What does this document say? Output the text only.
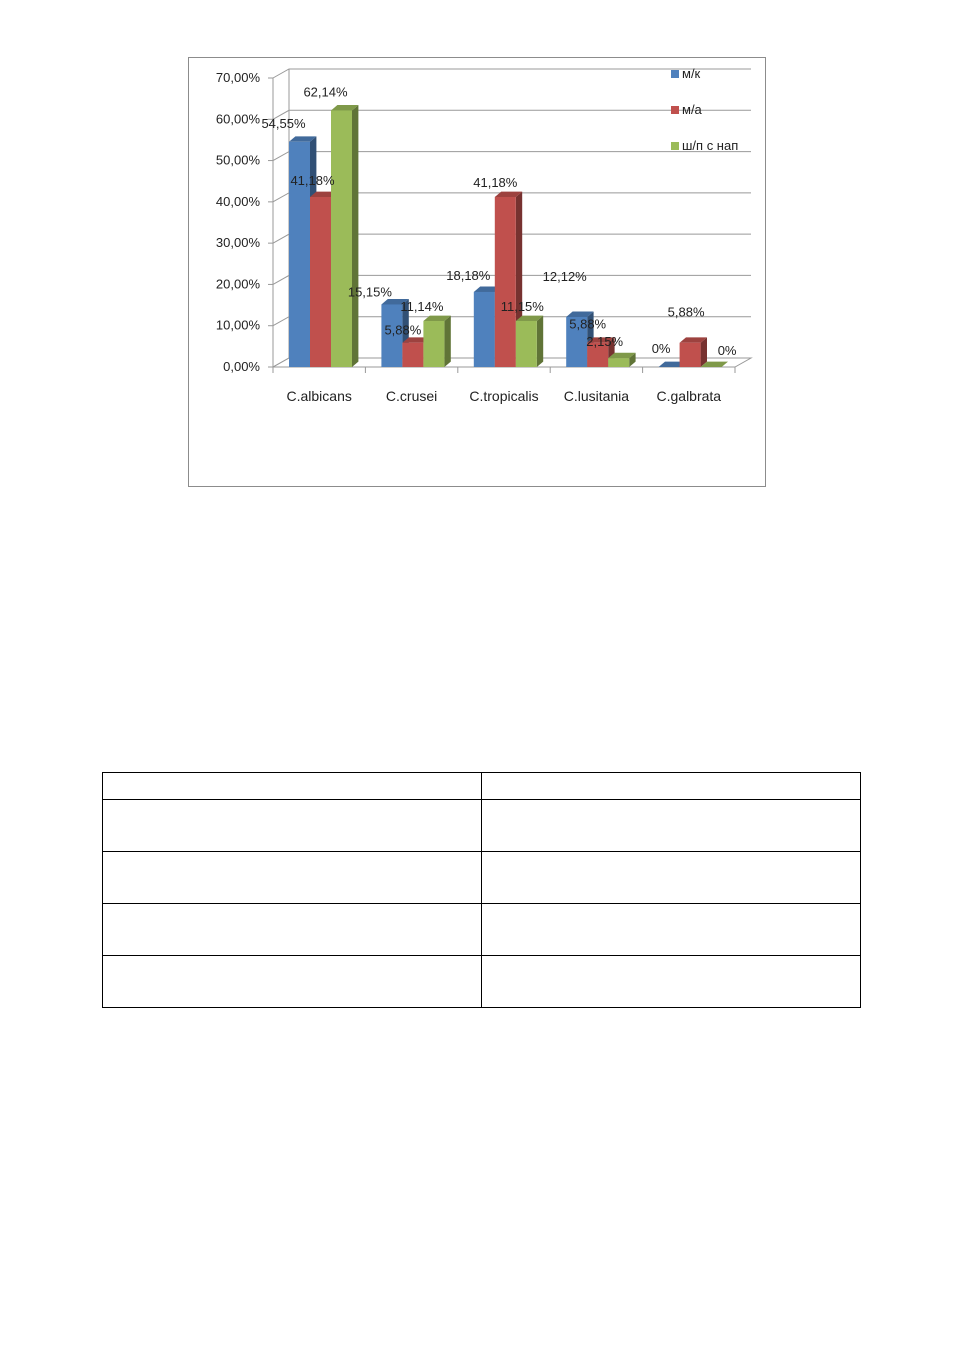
0,00%
10,00%
20,00%
30,00%
40,00%
50,00%
60,00%
70,00%
C.albicans C.crusei C.tropicalis C.lusitania C.galbrata
54,55%
15,15%
18,18%	12,12%
0%
41,18%
5,88%
41,18%
5,88%
5,88%
62,14%
11,14%	11,15%
2,15%
0%
м/к
м/а
ш/п с нап
